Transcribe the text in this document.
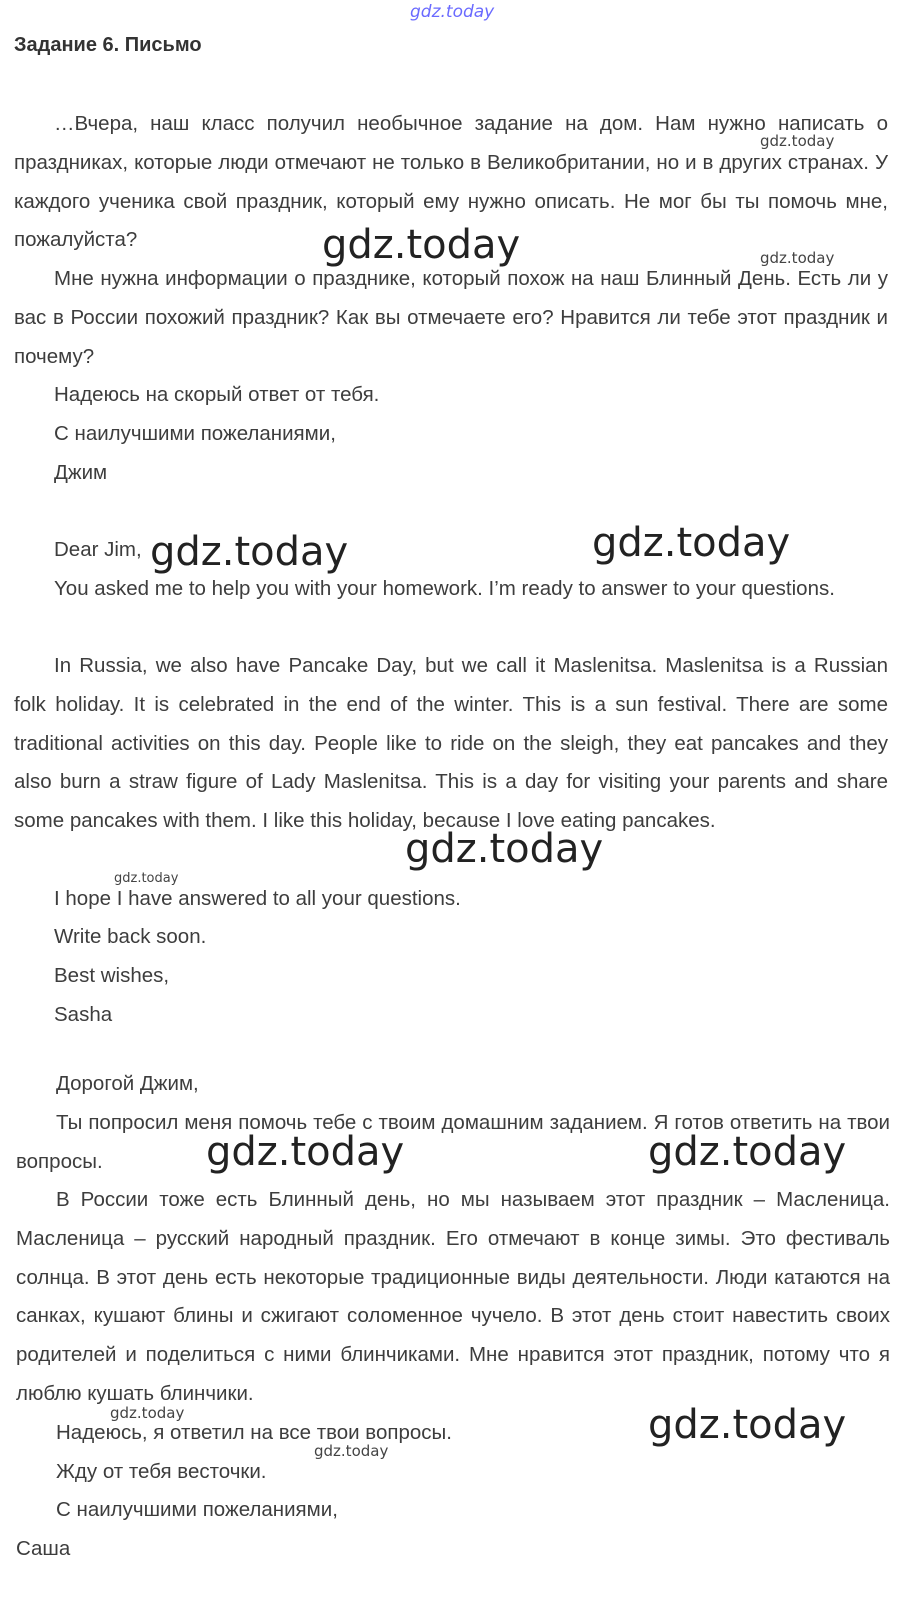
gdz.today
Задание 6. Письмо

…Вчера, наш класс получил необычное задание на дом. Нам нужно написать о праздниках, которые люди отмечают не только в Великобритании, но и в других странах. У каждого ученика свой праздник, который ему нужно описать. Не мог бы ты помочь мне, пожалуйста?

Мне нужна информации о празднике, который похож на наш Блинный День. Есть ли у вас в России похожий праздник? Как вы отмечаете его? Нравится ли тебе этот праздник и почему?

Надеюсь на скорый ответ от тебя.

С наилучшими пожеланиями,

Джим

Dear Jim,

You asked me to help you with your homework. I’m ready to answer to your questions.

In Russia, we also have Pancake Day, but we call it Maslenitsa. Maslenitsa is a Russian folk holiday. It is celebrated in the end of the winter. This is a sun festival. There are some traditional activities on this day. People like to ride on the sleigh, they eat pancakes and they also burn a straw figure of Lady Maslenitsa. This is a day for visiting your parents and share some pancakes with them. I like this holiday, because I love eating pancakes.

I hope I have answered to all your questions.

Write back soon.

Best wishes,

Sasha

Дорогой Джим,

Ты попросил меня помочь тебе с твоим домашним заданием. Я готов ответить на твои вопросы.

В России тоже есть Блинный день, но мы называем этот праздник – Масленица. Масленица – русский народный праздник. Его отмечают в конце зимы. Это фестиваль солнца. В этот день есть некоторые традиционные виды деятельности. Люди катаются на санках, кушают блины и сжигают соломенное чучело. В этот день стоит навестить своих родителей и поделиться с ними блинчиками. Мне нравится этот праздник, потому что я люблю кушать блинчики.

Надеюсь, я ответил на все твои вопросы.

Жду от тебя весточки.

С наилучшими пожеланиями,

Саша

gdz.today
gdz.today	gdz.today
gdz.today	gdz.today
gdz.today
gdz.today
gdz.today	gdz.today
gdz.today	gdz.today
gdz.today
